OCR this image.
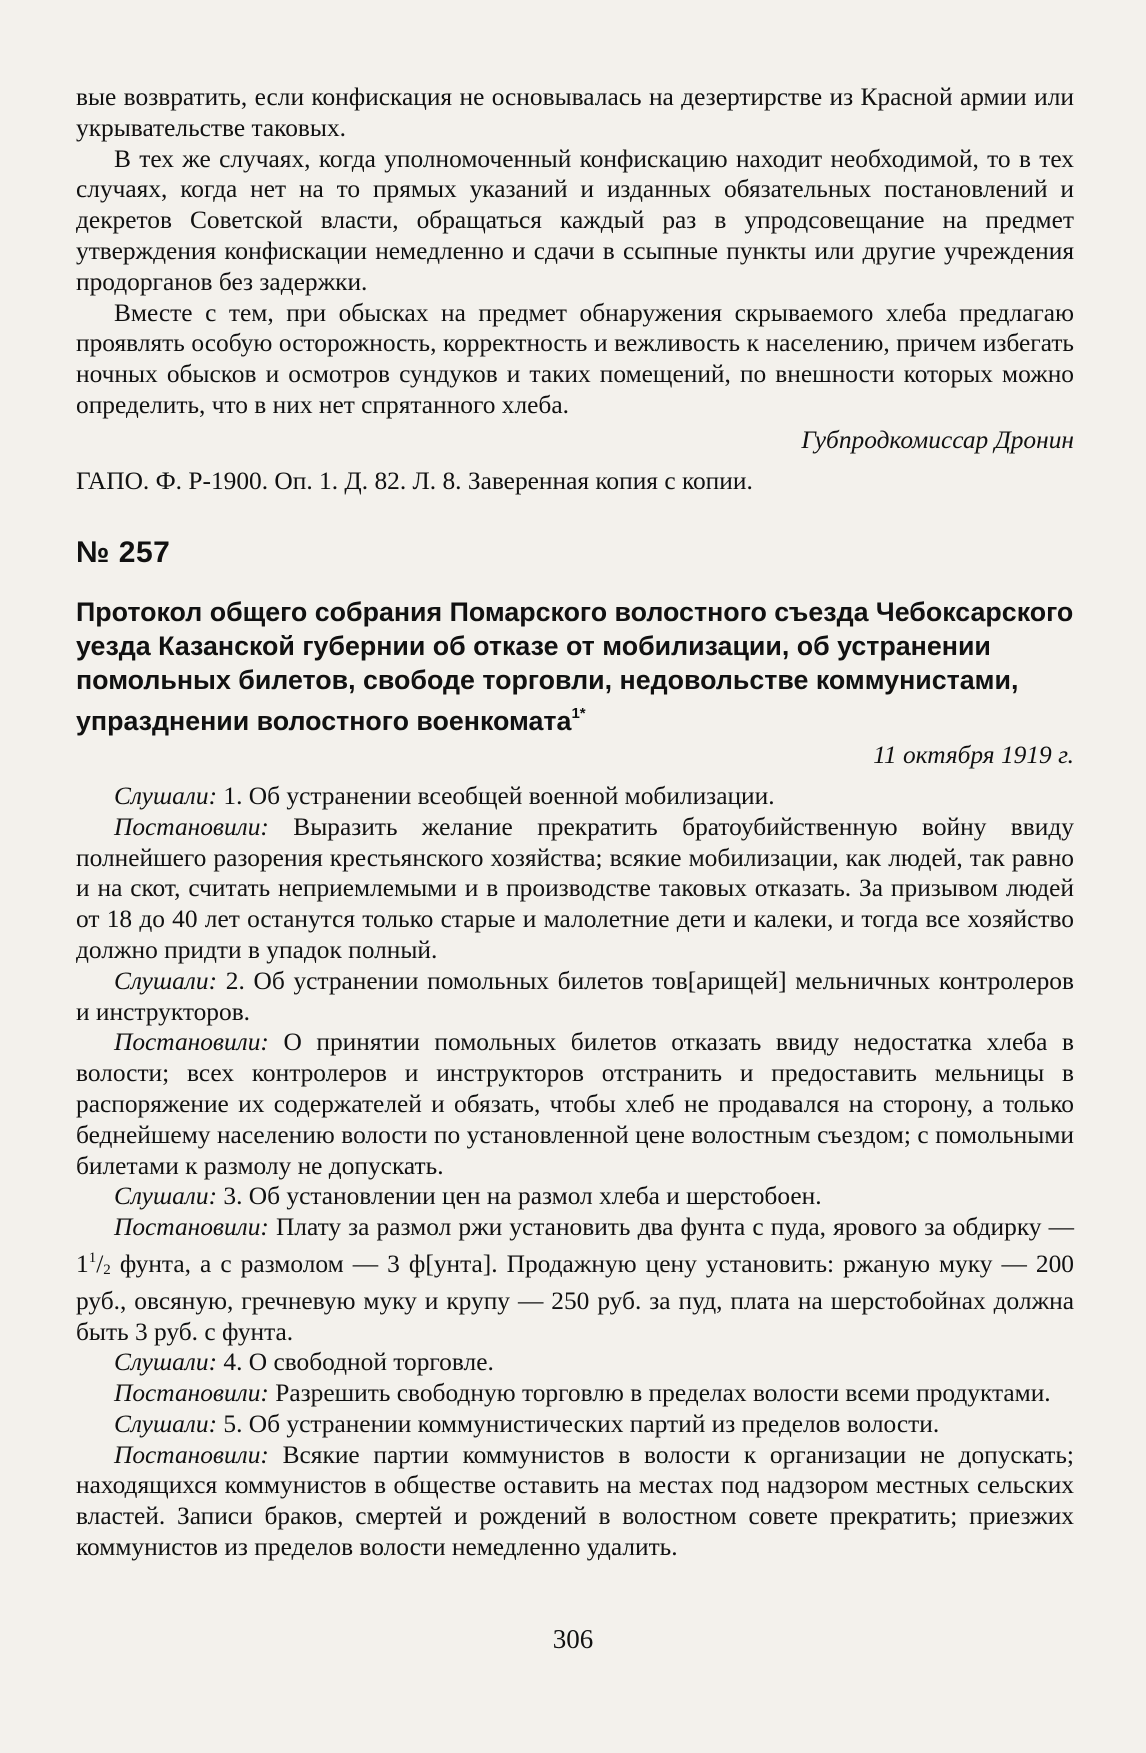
вые возвратить, если конфискация не основывалась на дезертирстве из Красной армии или укрывательстве таковых.

В тех же случаях, когда уполномоченный конфискацию находит необходимой, то в тех случаях, когда нет на то прямых указаний и изданных обязательных постановлений и декретов Советской власти, обращаться каждый раз в упродсовещание на предмет утверждения конфискации немедленно и сдачи в ссыпные пункты или другие учреждения продорганов без задержки.

Вместе с тем, при обысках на предмет обнаружения скрываемого хлеба предлагаю проявлять особую осторожность, корректность и вежливость к населению, причем избегать ночных обысков и осмотров сундуков и таких помещений, по внешности которых можно определить, что в них нет спрятанного хлеба.

Губпродкомиссар Дронин

ГАПО. Ф. Р-1900. Оп. 1. Д. 82. Л. 8. Заверенная копия с копии.

№ 257

Протокол общего собрания Помарского волостного съезда Чебоксарского уезда Казанской губернии об отказе от мобилизации, об устранении помольных билетов, свободе торговли, недовольстве коммунистами, упразднении волостного военкомата$^{1*}$

11 октября 1919 г.

Слушали: 1. Об устранении всеобщей военной мобилизации.

Постановили: Выразить желание прекратить братоубийственную войну ввиду полнейшего разорения крестьянского хозяйства; всякие мобилизации, как людей, так равно и на скот, считать неприемлемыми и в производстве таковых отказать. За призывом людей от 18 до 40 лет останутся только старые и малолетние дети и калеки, и тогда все хозяйство должно придти в упадок полный.

Слушали: 2. Об устранении помольных билетов тов[арищей] мельничных контролеров и инструкторов.

Постановили: О принятии помольных билетов отказать ввиду недостатка хлеба в волости; всех контролеров и инструкторов отстранить и предоставить мельницы в распоряжение их содержателей и обязать, чтобы хлеб не продавался на сторону, а только беднейшему населению волости по установленной цене волостным съездом; с помольными билетами к размолу не допускать.

Слушали: 3. Об установлении цен на размол хлеба и шерстобоен.

Постановили: Плату за размол ржи установить два фунта с пуда, ярового за обдирку — $1^1/_2$ фунта, а с размолом — 3 ф[унта]. Продажную цену установить: ржаную муку — 200 руб., овсяную, гречневую муку и крупу — 250 руб. за пуд, плата на шерстобойнах должна быть 3 руб. с фунта.

Слушали: 4. О свободной торговле.

Постановили: Разрешить свободную торговлю в пределах волости всеми продуктами.

Слушали: 5. Об устранении коммунистических партий из пределов волости.

Постановили: Всякие партии коммунистов в волости к организации не допускать; находящихся коммунистов в обществе оставить на местах под надзором местных сельских властей. Записи браков, смертей и рождений в волостном совете прекратить; приезжих коммунистов из пределов волости немедленно удалить.

306
